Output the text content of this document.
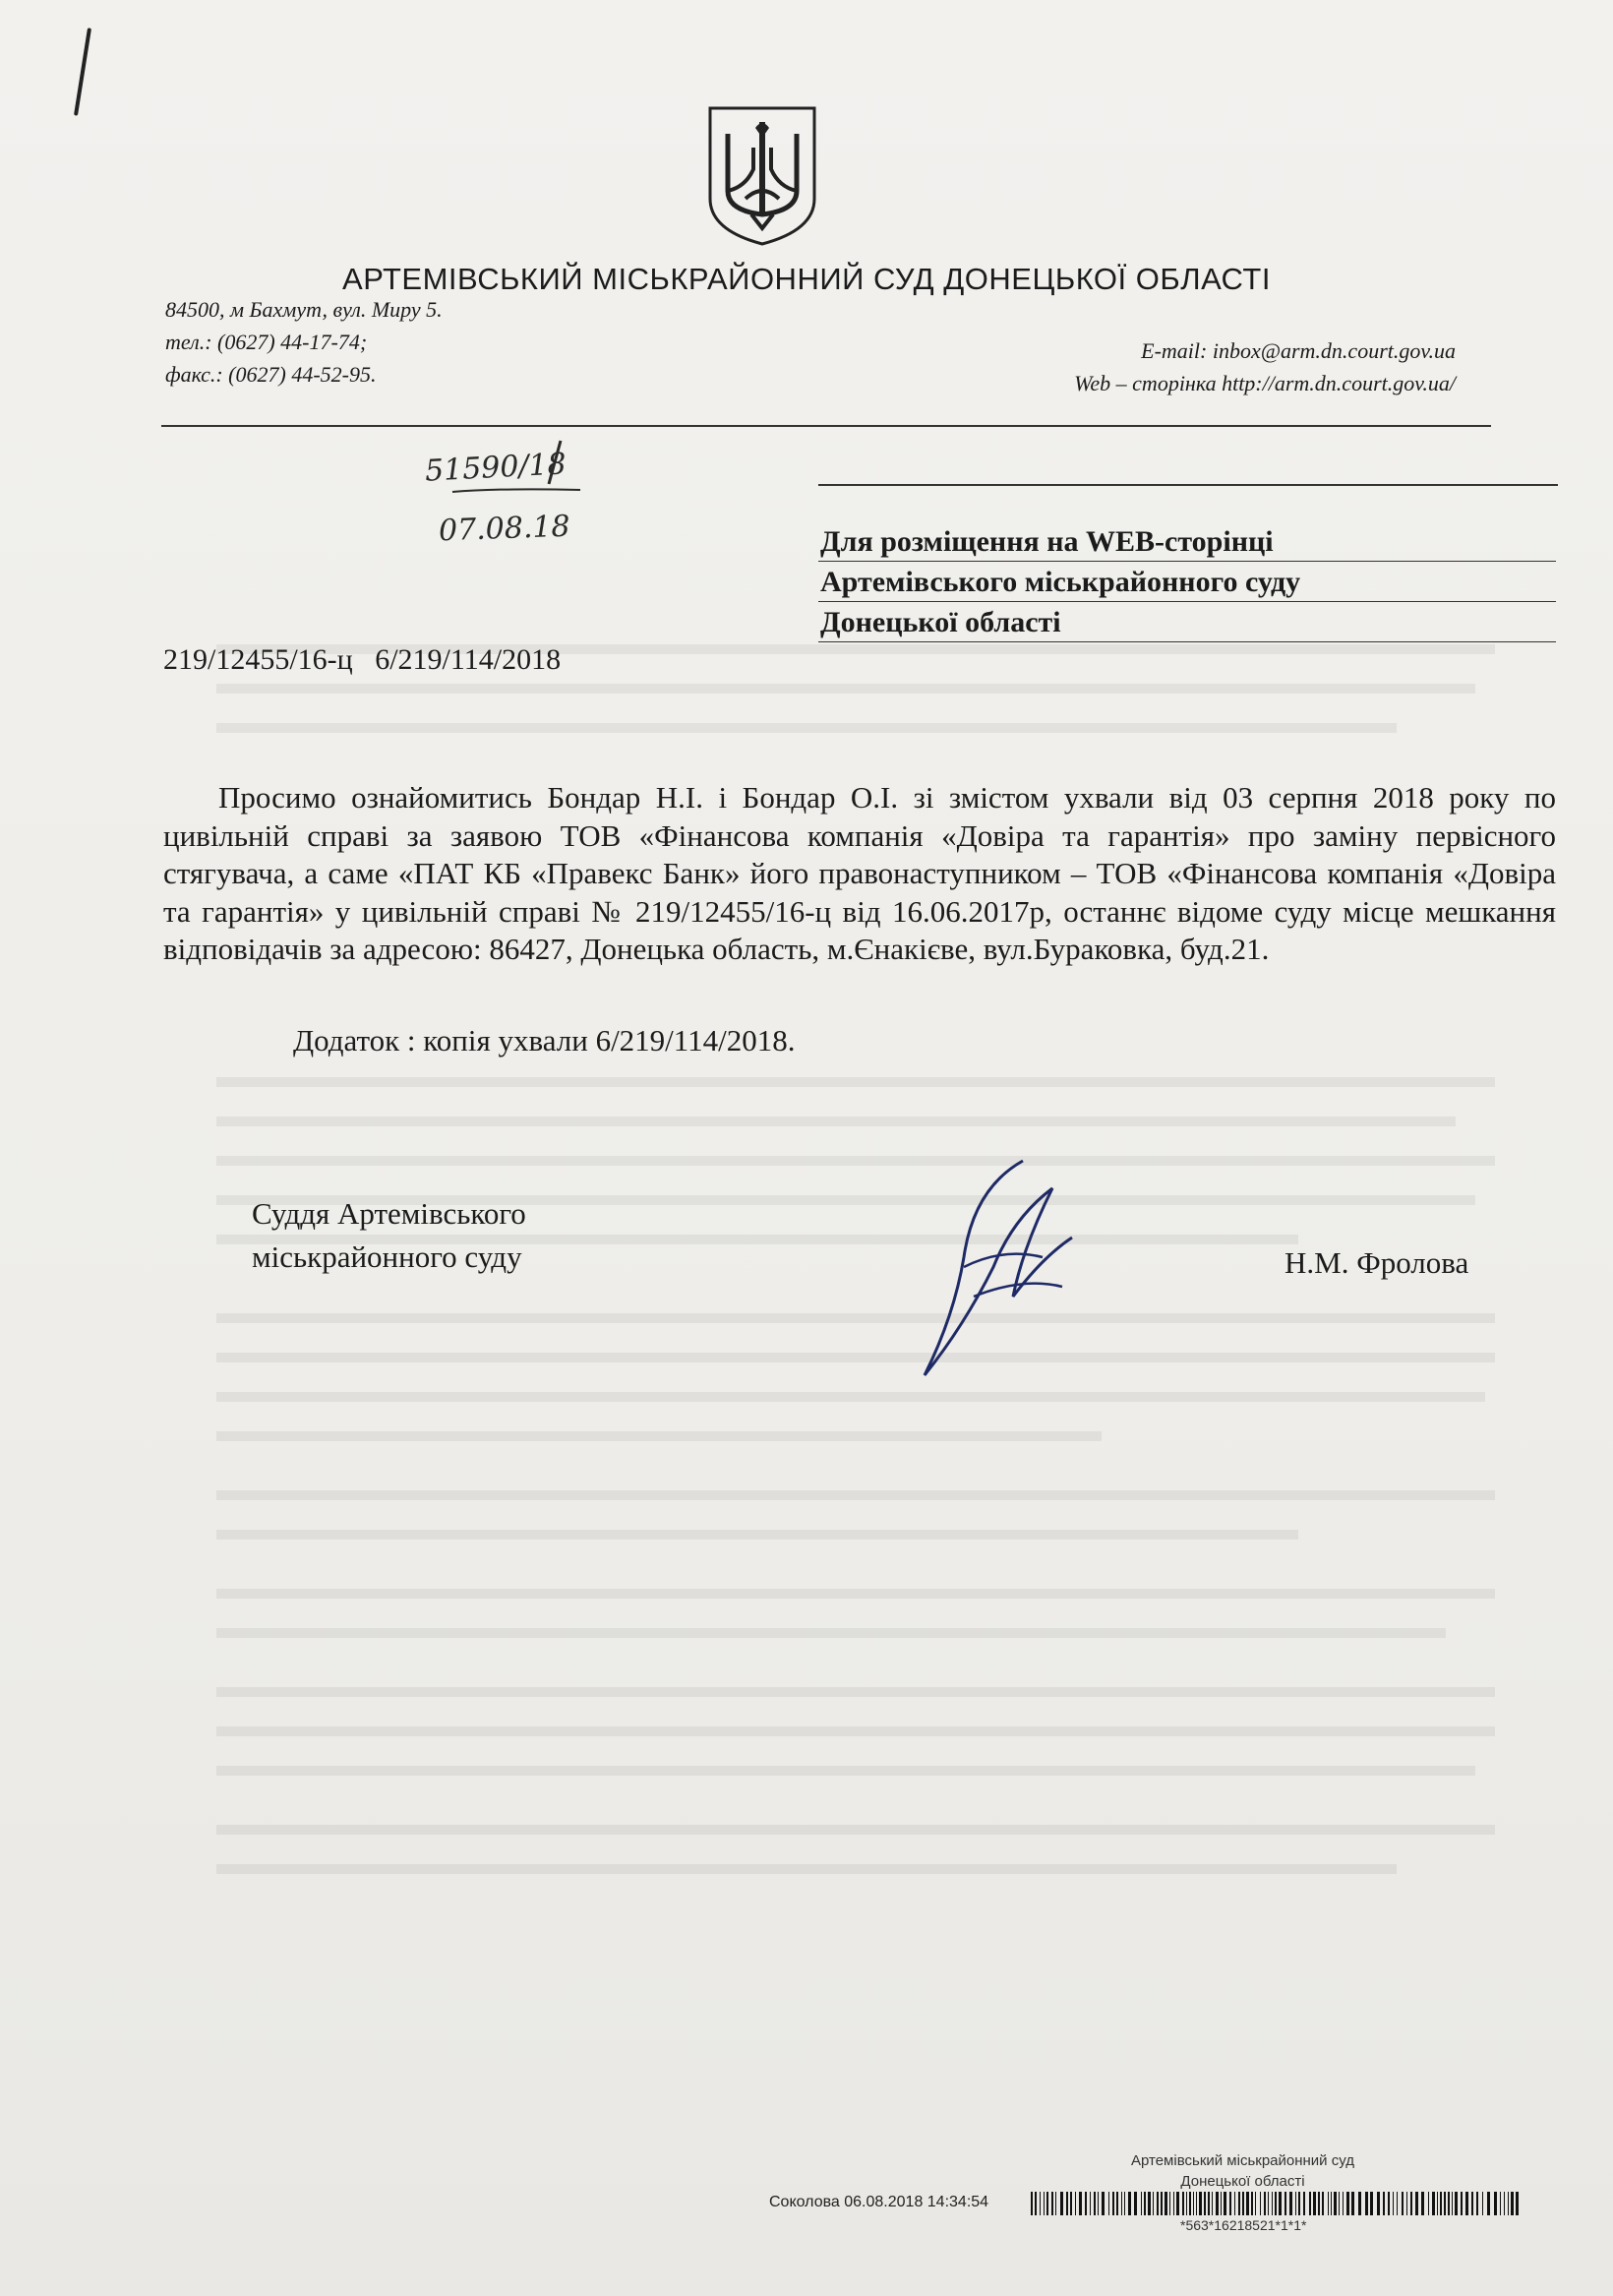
АРТЕМІВСЬКИЙ МІСЬКРАЙОННИЙ СУД ДОНЕЦЬКОЇ ОБЛАСТІ
84500, м Бахмут, вул. Миру 5.
тел.: (0627) 44-17-74;
факс.: (0627) 44-52-95.
E-mail: inbox@arm.dn.court.gov.ua
Web – сторінка http://arm.dn.court.gov.ua/
51590/18
07.08.18	Для розміщення на WEB-сторінці
Артемівського міськрайонного суду
Донецької області
219/12455/16-ц   6/219/114/2018

Просимо ознайомитись Бондар Н.І. і Бондар О.І. зі змістом ухвали від 03 серпня 2018 року по цивільній справі за заявою ТОВ «Фінансова компанія «Довіра та гарантія» про заміну первісного стягувача, а саме «ПАТ КБ «Правекс Банк» його правонаступником – ТОВ «Фінансова компанія «Довіра та гарантія» у цивільній справі № 219/12455/16-ц від 16.06.2017р, останнє відоме суду місце мешкання відповідачів за адресою: 86427, Донецька область, м.Єнакієве, вул.Бураковка, буд.21.

Додаток : копія ухвали 6/219/114/2018.
Суддя Артемівського
міськрайонного суду	Н.М. Фролова
Артемівський міськрайонний суд
Донецької області
Соколова 06.08.2018 14:34:54
*563*16218521*1*1*
